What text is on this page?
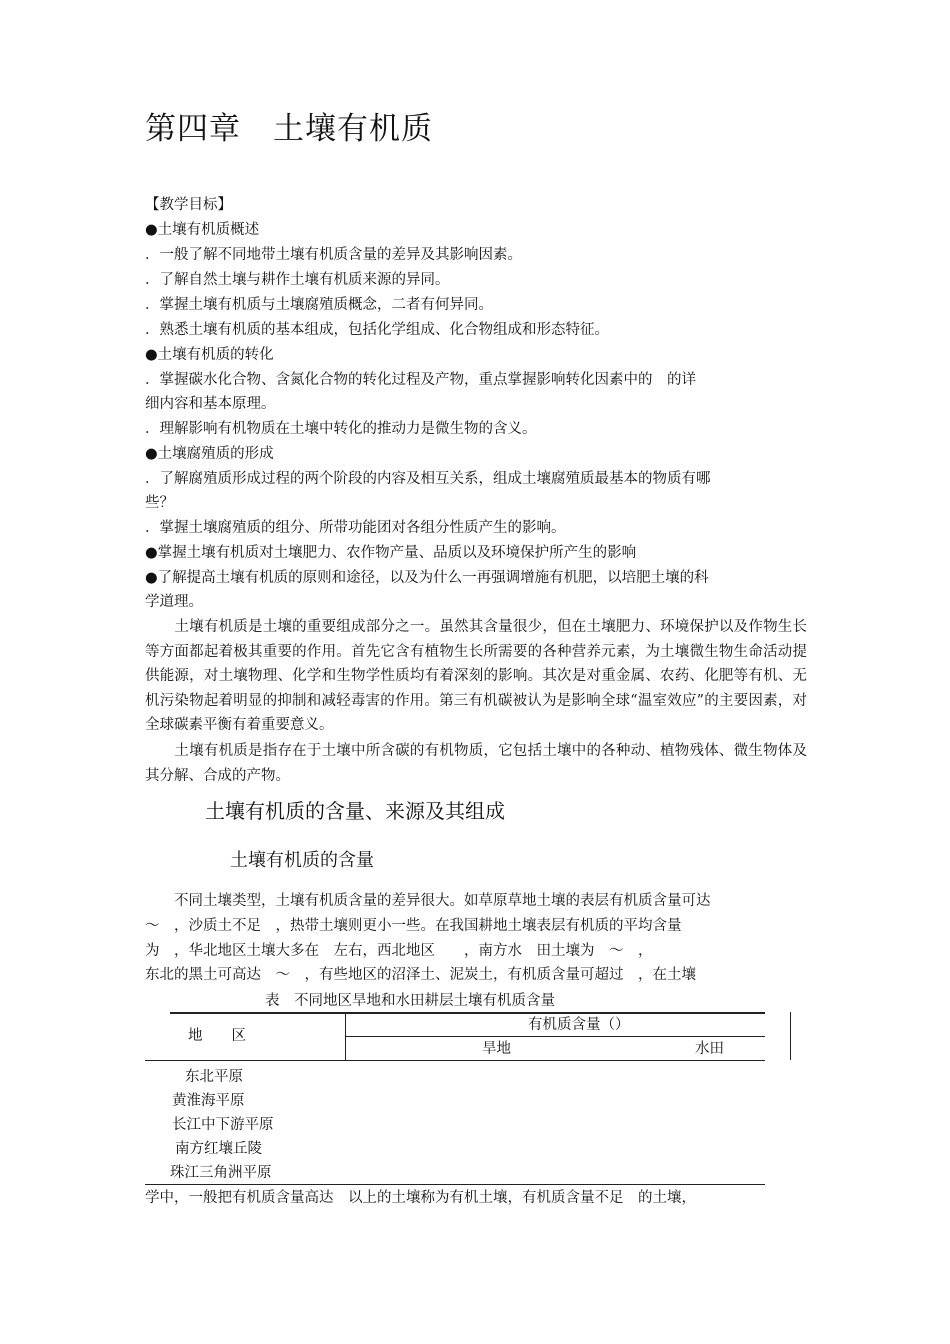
第四章　土壤有机质
【教学目标】
●土壤有机质概述
．一般了解不同地带土壤有机质含量的差异及其影响因素。
．了解自然土壤与耕作土壤有机质来源的异同。
．掌握土壤有机质与土壤腐殖质概念，二者有何异同。
．熟悉土壤有机质的基本组成，包括化学组成、化合物组成和形态特征。
●土壤有机质的转化
．掌握碳水化合物、含氮化合物的转化过程及产物，重点掌握影响转化因素中的　的详
细内容和基本原理。
．理解影响有机物质在土壤中转化的推动力是微生物的含义。
●土壤腐殖质的形成
．了解腐殖质形成过程的两个阶段的内容及相互关系，组成土壤腐殖质最基本的物质有哪
些？
．掌握土壤腐殖质的组分、所带功能团对各组分性质产生的影响。
●掌握土壤有机质对土壤肥力、农作物产量、品质以及环境保护所产生的影响
●了解提高土壤有机质的原则和途径，以及为什么一再强调增施有机肥，以培肥土壤的科
学道理。
　　土壤有机质是土壤的重要组成部分之一。虽然其含量很少，但在土壤肥力、环境保护以及作物生长等方面都起着极其重要的作用。首先它含有植物生长所需要的各种营养元素，为土壤微生物生命活动提供能源，对土壤物理、化学和生物学性质均有着深刻的影响。其次是对重金属、农药、化肥等有机、无机污染物起着明显的抑制和减轻毒害的作用。第三有机碳被认为是影响全球“温室效应”的主要因素，对全球碳素平衡有着重要意义。
　　土壤有机质是指存在于土壤中所含碳的有机物质，它包括土壤中的各种动、植物残体、微生物体及其分解、合成的产物。
土壤有机质的含量、来源及其组成
土壤有机质的含量
　　不同土壤类型，土壤有机质含量的差异很大。如草原草地土壤的表层有机质含量可达
～　，沙质土不足　，热带土壤则更小一些。在我国耕地土壤表层有机质的平均含量
为　，华北地区土壤大多在　左右，西北地区　　，南方水　田土壤为　～　，
东北的黑土可高达　～　，有些地区的沼泽土、泥炭土，有机质含量可超过　，在土壤
表　不同地区旱地和水田耕层土壤有机质含量
地　　区
有机质含量（）
旱地	水田
东北平原
黄淮海平原
长江中下游平原
南方红壤丘陵
珠江三角洲平原
学中，一般把有机质含量高达　以上的土壤称为有机土壤，有机质含量不足　的土壤，
